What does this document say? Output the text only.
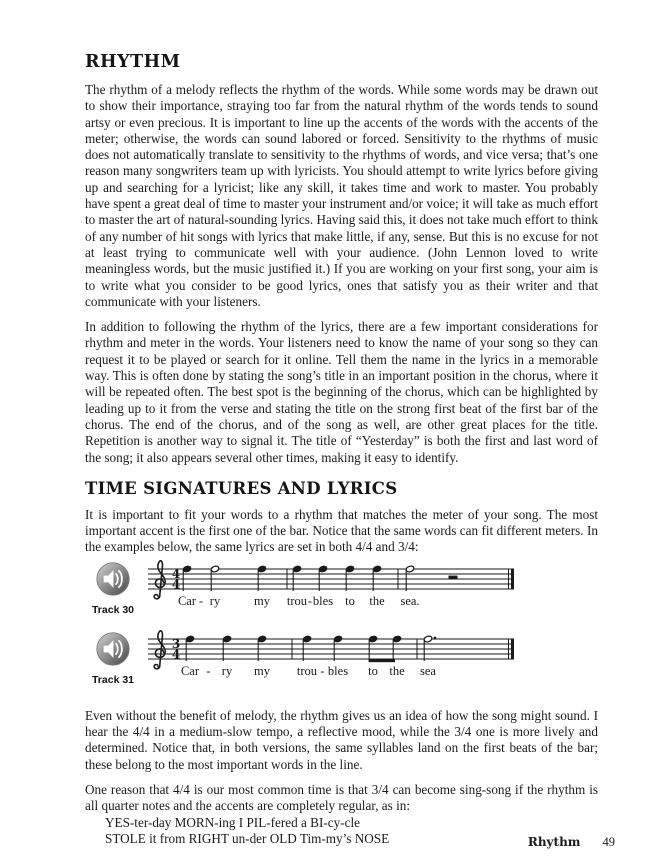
RHYTHM

The rhythm of a melody reflects the rhythm of the words. While some words may be drawn out to show their importance, straying too far from the natural rhythm of the words tends to sound artsy or even precious. It is important to line up the accents of the words with the accents of the meter; otherwise, the words can sound labored or forced. Sensitivity to the rhythms of music does not automatically translate to sensitivity to the rhythms of words, and vice versa; that’s one reason many songwriters team up with lyricists. You should attempt to write lyrics before giving up and searching for a lyricist; like any skill, it takes time and work to master. You probably have spent a great deal of time to master your instrument and/or voice; it will take as much effort to master the art of natural-sounding lyrics. Having said this, it does not take much effort to think of any number of hit songs with lyrics that make little, if any, sense. But this is no excuse for not at least trying to communicate well with your audience. (John Lennon loved to write meaningless words, but the music justified it.) If you are working on your first song, your aim is to write what you consider to be good lyrics, ones that satisfy you as their writer and that communicate with your listeners.

In addition to following the rhythm of the lyrics, there are a few important considerations for rhythm and meter in the words. Your listeners need to know the name of your song so they can request it to be played or search for it online. Tell them the name in the lyrics in a memorable way. This is often done by stating the song’s title in an important position in the chorus, where it will be repeated often. The best spot is the beginning of the chorus, which can be highlighted by leading up to it from the verse and stating the title on the strong first beat of the first bar of the chorus. The end of the chorus, and of the song as well, are other great places for the title. Repetition is another way to signal it. The title of “Yesterday” is both the first and last word of the song; it also appears several other times, making it easy to identify.

TIME SIGNATURES AND LYRICS

It is important to fit your words to a rhythm that matches the meter of your song. The most important accent is the first one of the bar. Notice that the same words can fit different meters. In the examples below, the same lyrics are set in both 4/4 and 3/4:

Track 30
4
4
Car - ry	my trou - bles to the sea.
Track 31
3
4
Car - ry my trou - bles to the sea

Even without the benefit of melody, the rhythm gives us an idea of how the song might sound. I hear the 4/4 in a medium-slow tempo, a reflective mood, while the 3/4 one is more lively and determined. Notice that, in both versions, the same syllables land on the first beats of the bar; these belong to the most important words in the line.

One reason that 4/4 is our most common time is that 3/4 can become sing-song if the rhythm is all quarter notes and the accents are completely regular, as in:

YES-ter-day MORN-ing I PIL-fered a BI-cy-cle
STOLE it from RIGHT un-der OLD Tim-my’s NOSE	Rhythm 49
